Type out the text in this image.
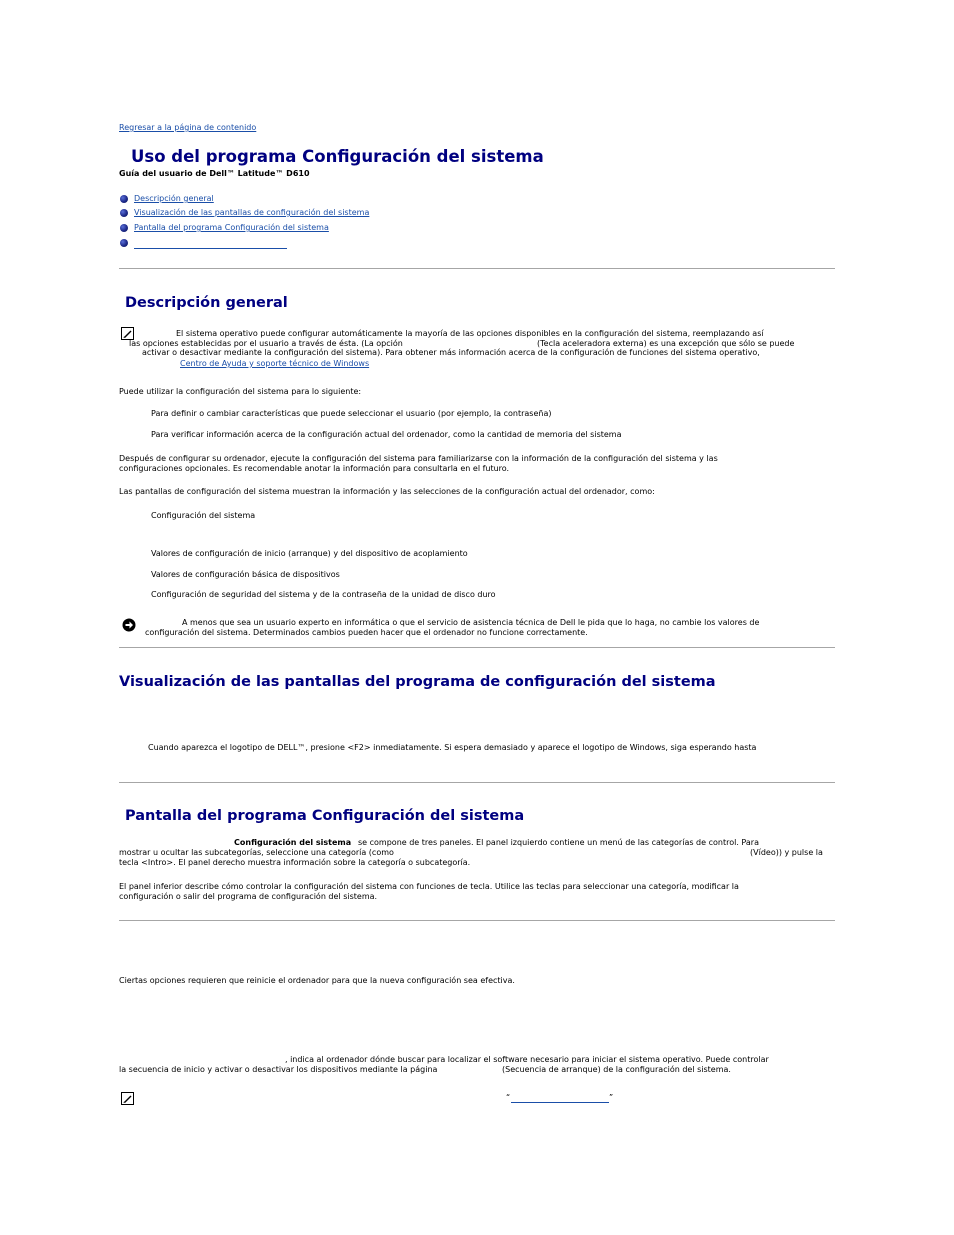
Regresar a la página de contenido
Uso del programa Configuración del sistema
Guía del usuario de Dell™ Latitude™ D610
Descripción general
Visualización de las pantallas de configuración del sistema
Pantalla del programa Configuración del sistema
Descripción general
El sistema operativo puede configurar automáticamente la mayoría de las opciones disponibles en la configuración del sistema, reemplazando así
las opciones establecidas por el usuario a través de ésta. (La opción	(Tecla aceleradora externa) es una excepción que sólo se puede
activar o desactivar mediante la configuración del sistema). Para obtener más información acerca de la configuración de funciones del sistema operativo,
Centro de Ayuda y soporte técnico de Windows
Puede utilizar la configuración del sistema para lo siguiente:
Para definir o cambiar características que puede seleccionar el usuario (por ejemplo, la contraseña)
Para verificar información acerca de la configuración actual del ordenador, como la cantidad de memoria del sistema
Después de configurar su ordenador, ejecute la configuración del sistema para familiarizarse con la información de la configuración del sistema y las
configuraciones opcionales. Es recomendable anotar la información para consultarla en el futuro.
Las pantallas de configuración del sistema muestran la información y las selecciones de la configuración actual del ordenador, como:
Configuración del sistema
Valores de configuración de inicio (arranque) y del dispositivo de acoplamiento
Valores de configuración básica de dispositivos
Configuración de seguridad del sistema y de la contraseña de la unidad de disco duro
A menos que sea un usuario experto en informática o que el servicio de asistencia técnica de Dell le pida que lo haga, no cambie los valores de
configuración del sistema. Determinados cambios pueden hacer que el ordenador no funcione correctamente.
Visualización de las pantallas del programa de configuración del sistema
Cuando aparezca el logotipo de DELL™, presione <F2> inmediatamente. Si espera demasiado y aparece el logotipo de Windows, siga esperando hasta
Pantalla del programa Configuración del sistema
Configuración del sistema se compone de tres paneles. El panel izquierdo contiene un menú de las categorías de control. Para
mostrar u ocultar las subcategorías, seleccione una categoría (como	(Vídeo)) y pulse la
tecla <Intro>. El panel derecho muestra información sobre la categoría o subcategoría.
El panel inferior describe cómo controlar la configuración del sistema con funciones de tecla. Utilice las teclas para seleccionar una categoría, modificar la
configuración o salir del programa de configuración del sistema.
Ciertas opciones requieren que reinicie el ordenador para que la nueva configuración sea efectiva.
, indica al ordenador dónde buscar para localizar el software necesario para iniciar el sistema operativo. Puede controlar
la secuencia de inicio y activar o desactivar los dispositivos mediante la página	(Secuencia de arranque) de la configuración del sistema.
“	”
